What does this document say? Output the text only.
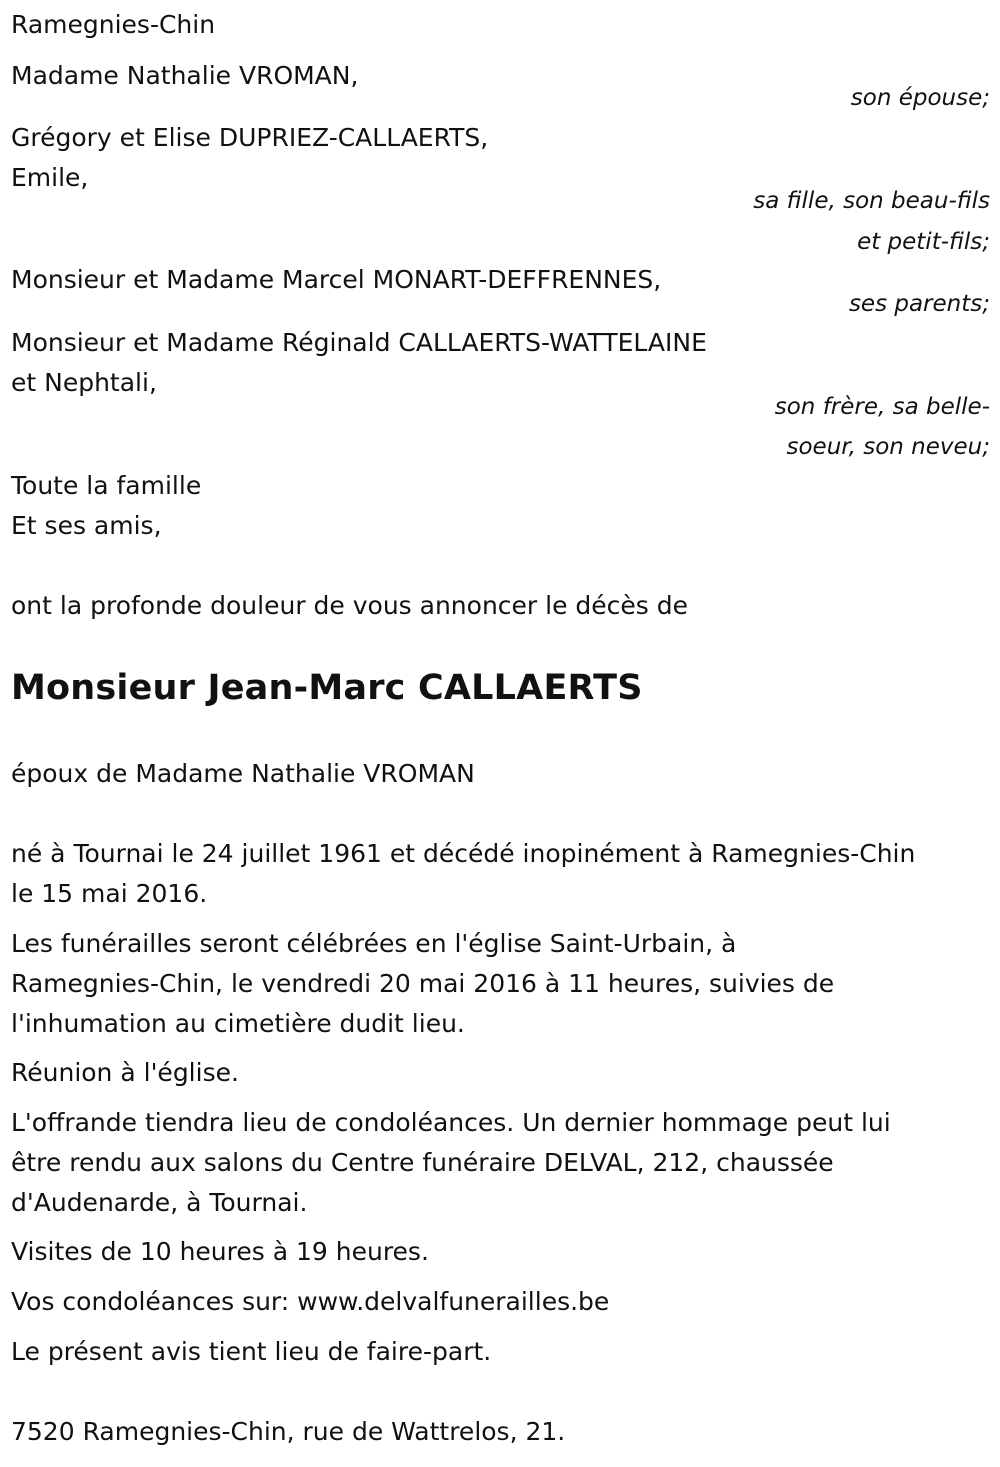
Ramegnies-Chin

Madame Nathalie VROMAN,

son épouse;

Grégory et Elise DUPRIEZ-CALLAERTS,

Emile,

sa fille, son beau-fils

et petit-fils;

Monsieur et Madame Marcel MONART-DEFFRENNES,

ses parents;

Monsieur et Madame Réginald CALLAERTS-WATTELAINE

et Nephtali,

son frère, sa belle-

soeur, son neveu;

Toute la famille

Et ses amis,

ont la profonde douleur de vous annoncer le décès de

Monsieur Jean-Marc CALLAERTS

époux de Madame Nathalie VROMAN

né à Tournai le 24 juillet 1961 et décédé inopinément à Ramegnies-Chin

le 15 mai 2016.

Les funérailles seront célébrées en l'église Saint-Urbain, à

Ramegnies-Chin, le vendredi 20 mai 2016 à 11 heures, suivies de

l'inhumation au cimetière dudit lieu.

Réunion à l'église.

L'offrande tiendra lieu de condoléances. Un dernier hommage peut lui

être rendu aux salons du Centre funéraire DELVAL, 212, chaussée

d'Audenarde, à Tournai.

Visites de 10 heures à 19 heures.

Vos condoléances sur: www.delvalfunerailles.be

Le présent avis tient lieu de faire-part.

7520 Ramegnies-Chin, rue de Wattrelos, 21.
